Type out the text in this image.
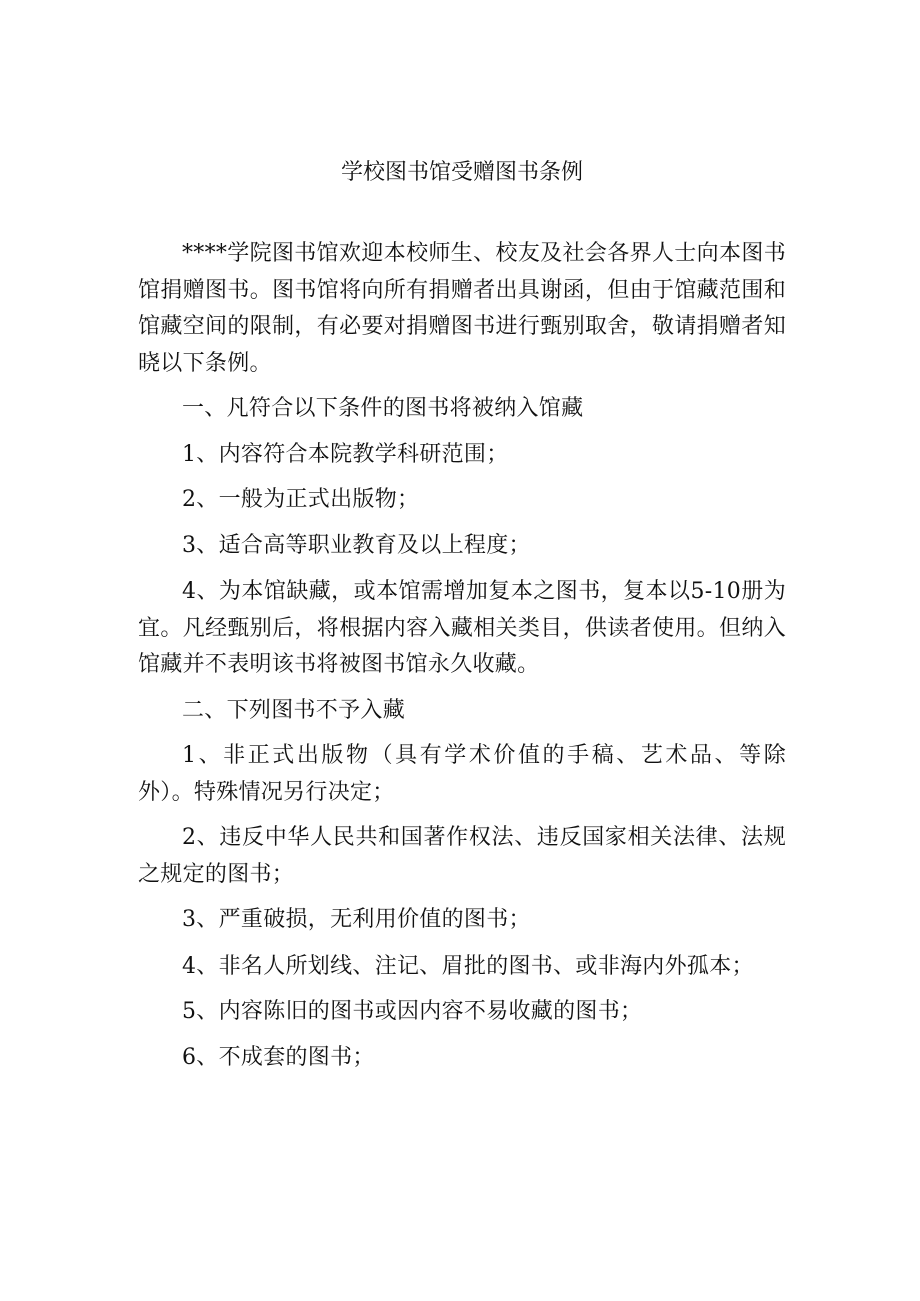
学校图书馆受赠图书条例

****学院图书馆欢迎本校师生、校友及社会各界人士向本图书馆捐赠图书。图书馆将向所有捐赠者出具谢函，但由于馆藏范围和馆藏空间的限制，有必要对捐赠图书进行甄别取舍，敬请捐赠者知晓以下条例。

一、凡符合以下条件的图书将被纳入馆藏

1、内容符合本院教学科研范围；

2、一般为正式出版物；

3、适合高等职业教育及以上程度；

4、为本馆缺藏，或本馆需增加复本之图书，复本以5-10册为宜。凡经甄别后，将根据内容入藏相关类目，供读者使用。但纳入馆藏并不表明该书将被图书馆永久收藏。

二、下列图书不予入藏

1、非正式出版物（具有学术价值的手稿、艺术品、等除外）。特殊情况另行决定；

2、违反中华人民共和国著作权法、违反国家相关法律、法规之规定的图书；

3、严重破损，无利用价值的图书；

4、非名人所划线、注记、眉批的图书、或非海内外孤本；

5、内容陈旧的图书或因内容不易收藏的图书；

6、不成套的图书；
